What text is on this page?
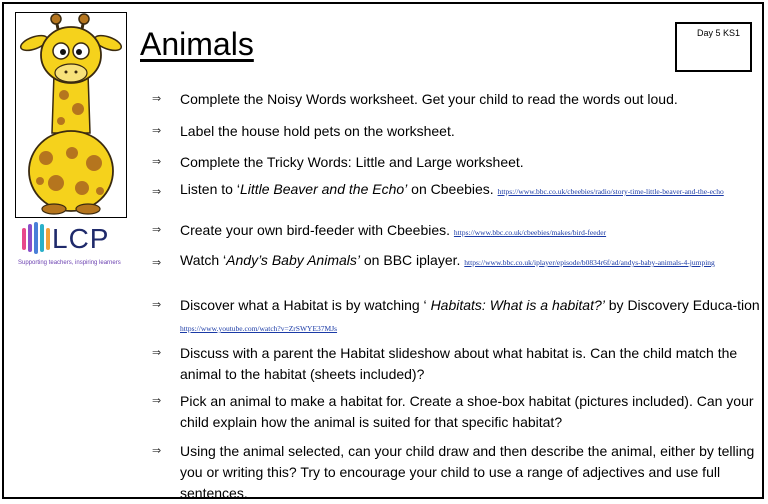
LCP
Supporting teachers, inspiring learners
Animals	Day 5 KS1
⇒ Complete the Noisy Words worksheet. Get your child to read the words out loud.
⇒ Label the house hold pets on the worksheet.
⇒ Complete the Tricky Words: Little and Large worksheet.
⇒ Listen to ‘Little Beaver and the Echo’ on Cbeebies. https://www.bbc.co.uk/cbeebies/radio/story-time-little-beaver-and-the-echo
⇒ Create your own bird-feeder with Cbeebies. https://www.bbc.co.uk/cbeebies/makes/bird-feeder
⇒ Watch ‘Andy’s Baby Animals’ on BBC iplayer. https://www.bbc.co.uk/iplayer/episode/b0834r6f/ad/andys-baby-animals-4-jumping
⇒ Discover what a Habitat is by watching ‘ Habitats: What is a habitat?’ by Discovery Educa-tion https://www.youtube.com/watch?v=ZrSWYE37MJs
⇒ Discuss with a parent the Habitat slideshow about what habitat is. Can the child match the animal to the habitat (sheets included)?
⇒ Pick an animal to make a habitat for. Create a shoe-box habitat (pictures included). Can your child explain how the animal is suited for that specific habitat?
⇒ Using the animal selected, can your child draw and then describe the animal, either by telling you or writing this? Try to encourage your child to use a range of adjectives and use full sentences.
